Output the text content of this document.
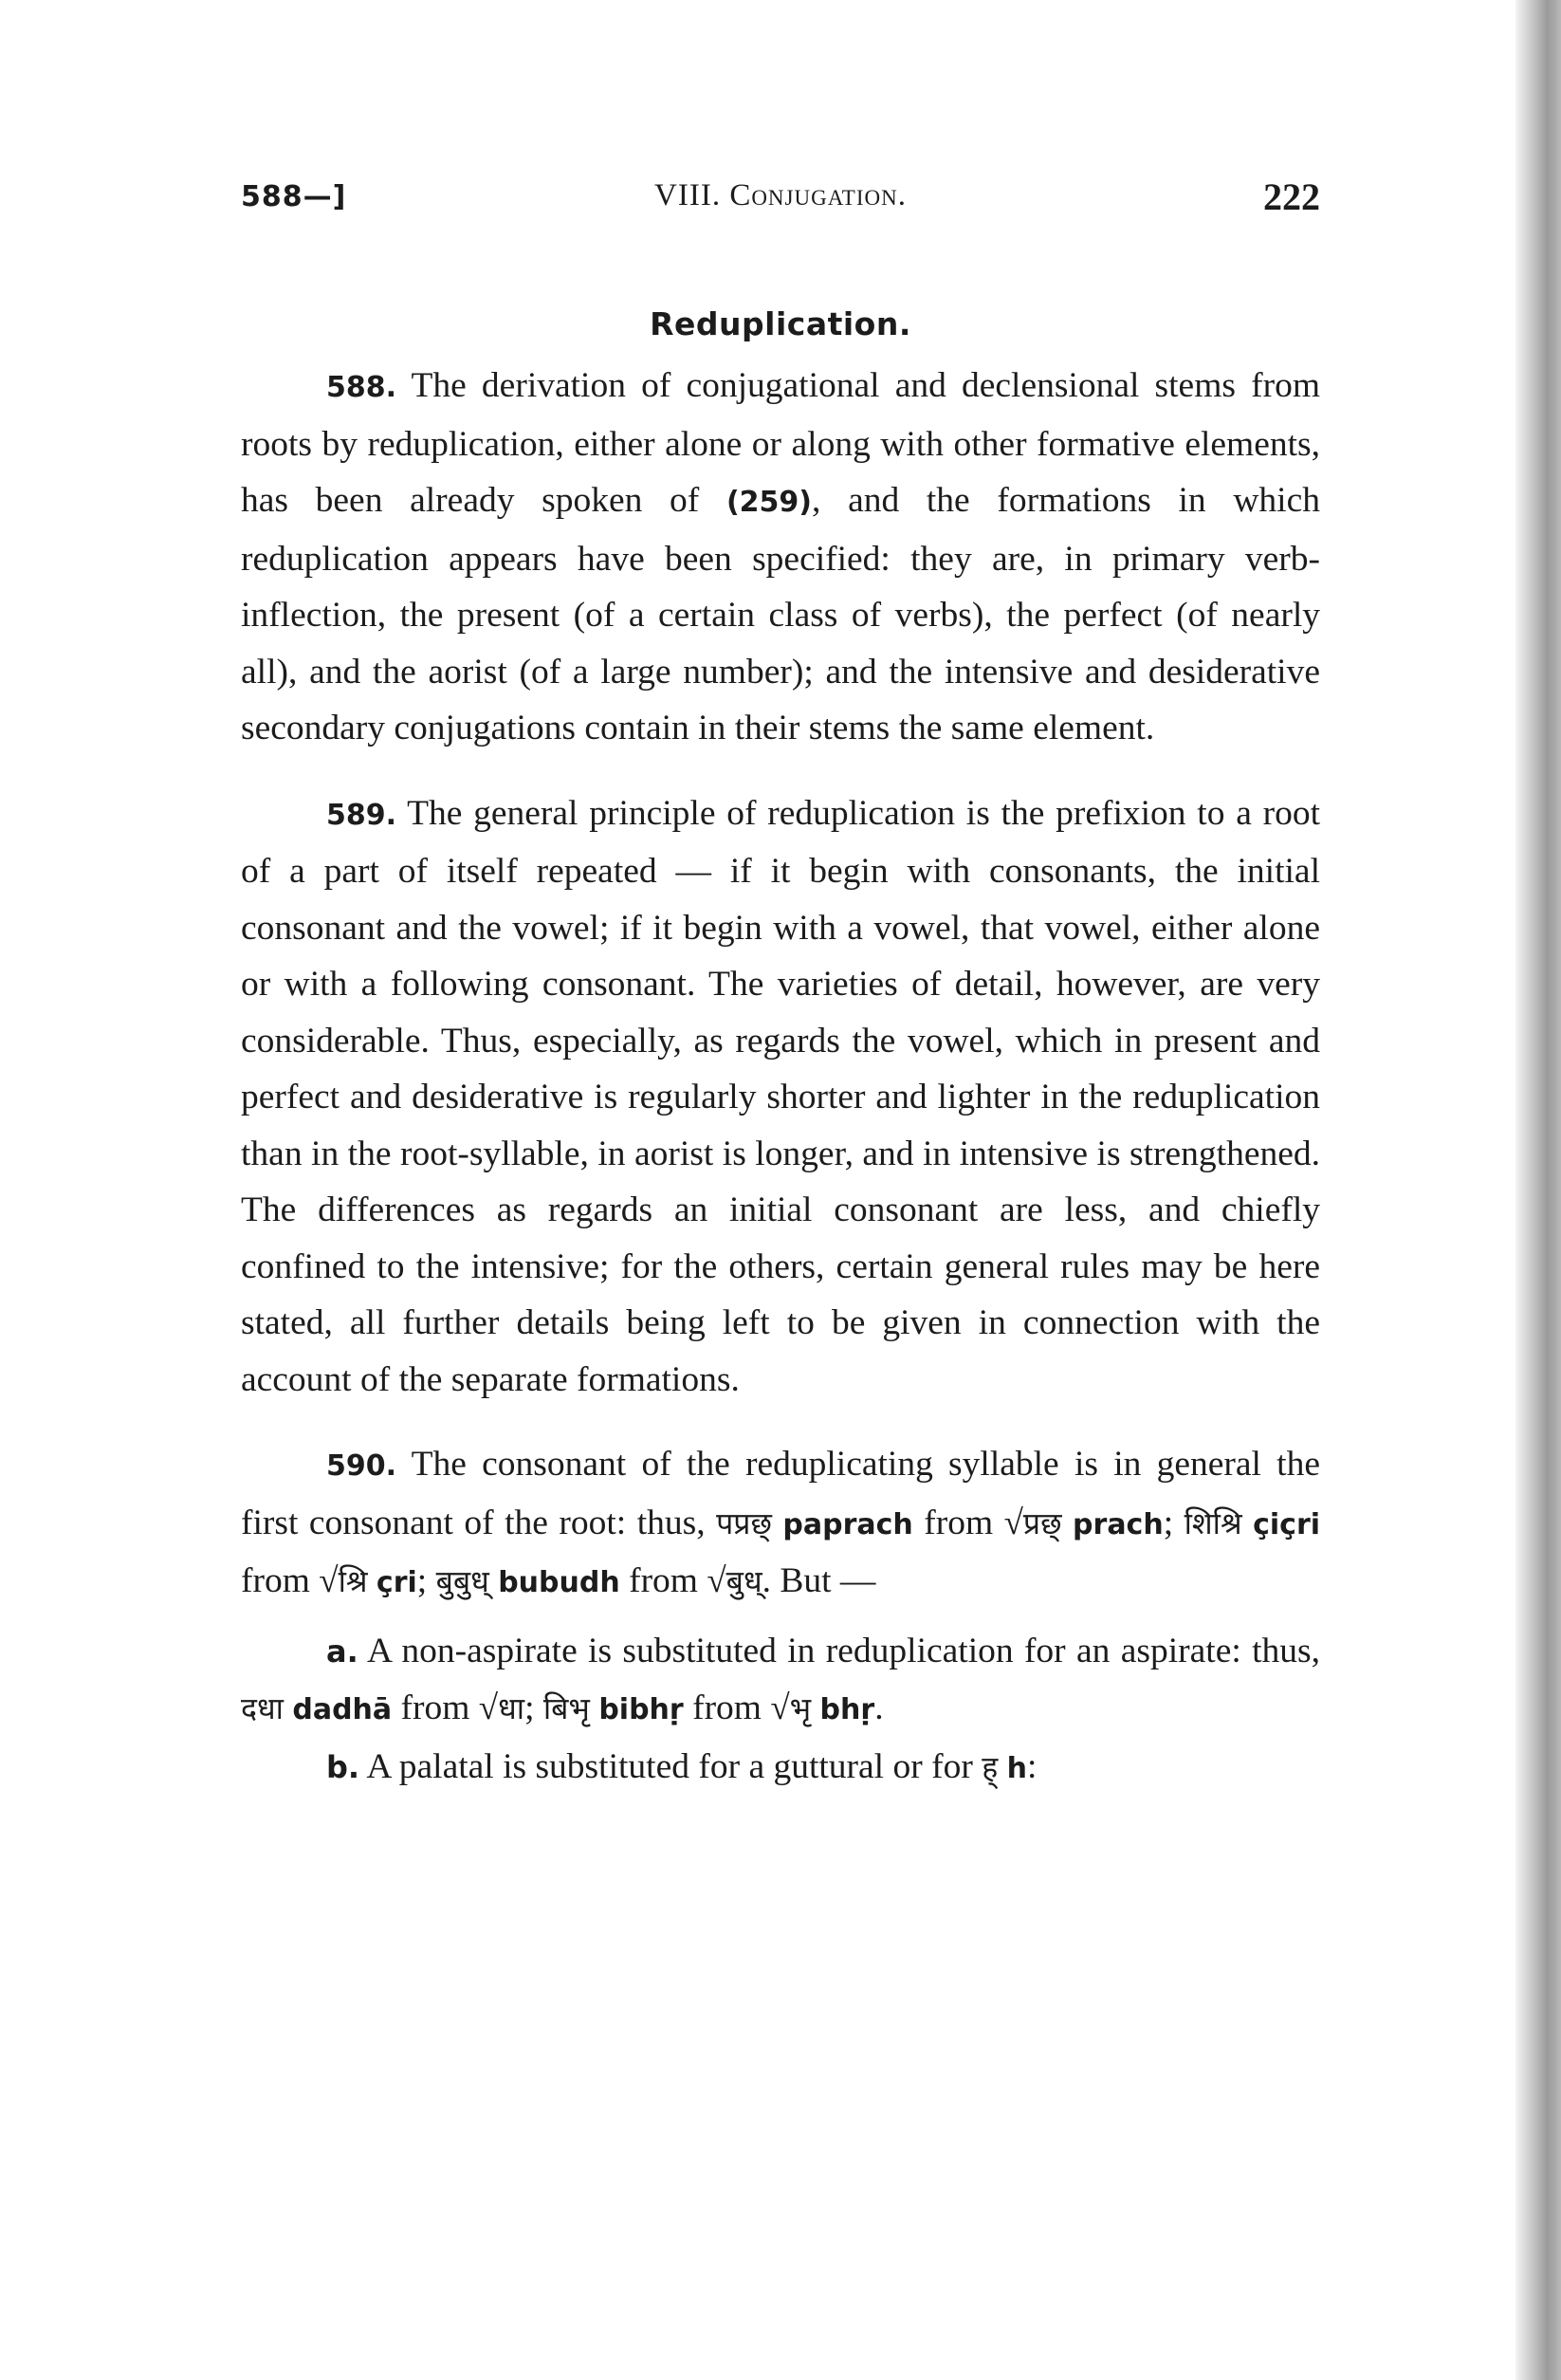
588—]	VIII. Conjugation.	222
Reduplication.

588. The derivation of conjugational and declensional stems from roots by reduplication, either alone or along with other formative elements, has been already spoken of (259), and the formations in which reduplication appears have been specified: they are, in primary verb-inflection, the present (of a certain class of verbs), the perfect (of nearly all), and the aorist (of a large number); and the intensive and desiderative secondary conjugations contain in their stems the same element.

589. The general principle of reduplication is the prefixion to a root of a part of itself repeated — if it begin with consonants, the initial consonant and the vowel; if it begin with a vowel, that vowel, either alone or with a following consonant. The varieties of detail, however, are very considerable. Thus, especially, as regards the vowel, which in present and perfect and desiderative is regularly shorter and lighter in the reduplication than in the root-syllable, in aorist is longer, and in intensive is strengthened. The differences as regards an initial consonant are less, and chiefly confined to the intensive; for the others, certain general rules may be here stated, all further details being left to be given in connection with the account of the separate formations.

590. The consonant of the reduplicating syllable is in general the first consonant of the root: thus, पप्रछ् paprach from √प्रछ् prach; शिश्रि çiçri from √श्रि çri; बुबुध् bubudh from √बुध्. But —

a. A non-aspirate is substituted in reduplication for an aspirate: thus, दधा dadhā from √धा; बिभृ bibhṛ from √भृ bhṛ.

b. A palatal is substituted for a guttural or for ह् h:
